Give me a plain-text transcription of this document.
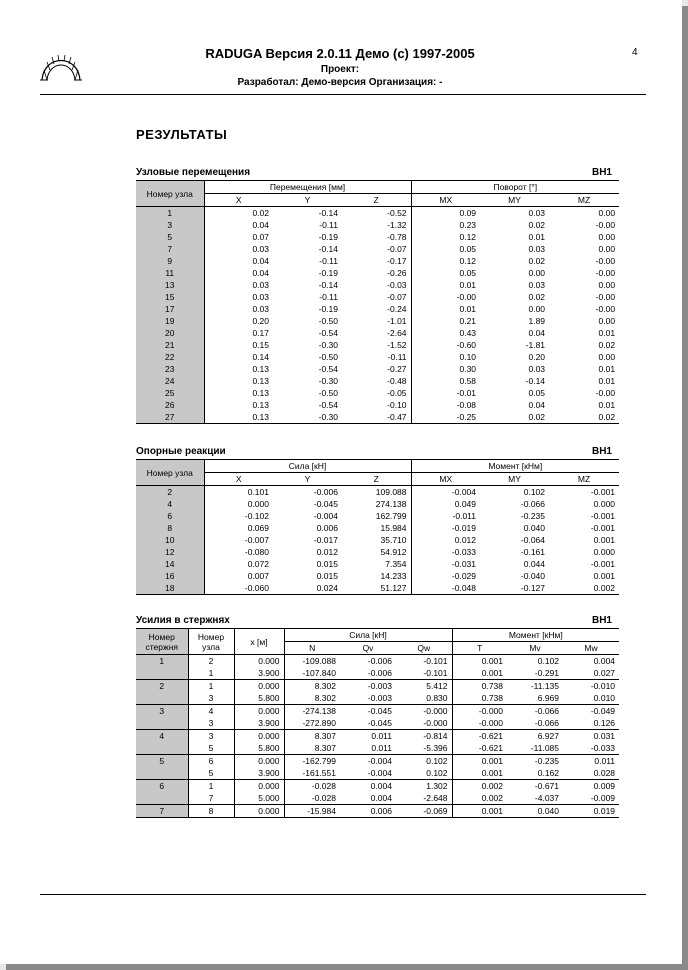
RADUGA Версия 2.0.11 Демо (c) 1997-2005
Проект:
Разработал: Демо-версия Организация: -
4
РЕЗУЛЬТАТЫ
Узловые перемещения	ВН1
Номер узла	Перемещения [мм]			Поворот [°]		
	X	Y	Z	MX	MY	MZ
1	0.02	-0.14	-0.52	0.09	0.03	0.00
3	0.04	-0.11	-1.32	0.23	0.02	-0.00
5	0.07	-0.19	-0.78	0.12	0.01	0.00
7	0.03	-0.14	-0.07	0.05	0.03	0.00
9	0.04	-0.11	-0.17	0.12	0.02	-0.00
11	0.04	-0.19	-0.26	0.05	0.00	-0.00
13	0.03	-0.14	-0.03	0.01	0.03	0.00
15	0.03	-0.11	-0.07	-0.00	0.02	-0.00
17	0.03	-0.19	-0.24	0.01	0.00	-0.00
19	0.20	-0.50	-1.01	0.21	1.89	0.00
20	0.17	-0.54	-2.64	0.43	0.04	0.01
21	0.15	-0.30	-1.52	-0.60	-1.81	0.02
22	0.14	-0.50	-0.11	0.10	0.20	0.00
23	0.13	-0.54	-0.27	0.30	0.03	0.01
24	0.13	-0.30	-0.48	0.58	-0.14	0.01
25	0.13	-0.50	-0.05	-0.01	0.05	-0.00
26	0.13	-0.54	-0.10	-0.08	0.04	0.01
27	0.13	-0.30	-0.47	-0.25	0.02	0.02
Опорные реакции	ВН1
Номер узла	Сила [кН]			Момент [кНм]		
	X	Y	Z	MX	MY	MZ
2	0.101	-0.006	109.088	-0.004	0.102	-0.001
4	0.000	-0.045	274.138	0.049	-0.066	0.000
6	-0.102	-0.004	162.799	-0.011	-0.235	-0.001
8	0.069	0.006	15.984	-0.019	0.040	-0.001
10	-0.007	-0.017	35.710	0.012	-0.064	0.001
12	-0.080	0.012	54.912	-0.033	-0.161	0.000
14	0.072	0.015	7.354	-0.031	0.044	-0.001
16	0.007	0.015	14.233	-0.029	-0.040	0.001
18	-0.060	0.024	51.127	-0.048	-0.127	0.002
Усилия в стержнях	ВН1
Номер стержня	Номер узла	x [м]	Сила [кН]			Момент [кНм]		
			N	Qv	Qw	T	Mv	Mw
1	2	0.000	-109.088	-0.006	-0.101	0.001	0.102	0.004
	1	3.900	-107.840	-0.006	-0.101	0.001	-0.291	0.027
2	1	0.000	8.302	-0.003	5.412	0.738	-11.135	-0.010
	3	5.800	8.302	-0.003	0.830	0.738	6.969	0.010
3	4	0.000	-274.138	-0.045	-0.000	-0.000	-0.066	-0.049
	3	3.900	-272.890	-0.045	-0.000	-0.000	-0.066	0.126
4	3	0.000	8.307	0.011	-0.814	-0.621	6.927	0.031
	5	5.800	8.307	0.011	-5.396	-0.621	-11.085	-0.033
5	6	0.000	-162.799	-0.004	0.102	0.001	-0.235	0.011
	5	3.900	-161.551	-0.004	0.102	0.001	0.162	0.028
6	1	0.000	-0.028	0.004	1.302	0.002	-0.671	0.009
	7	5.000	-0.028	0.004	-2.648	0.002	-4.037	-0.009
7	8	0.000	-15.984	0.006	-0.069	0.001	0.040	0.019
